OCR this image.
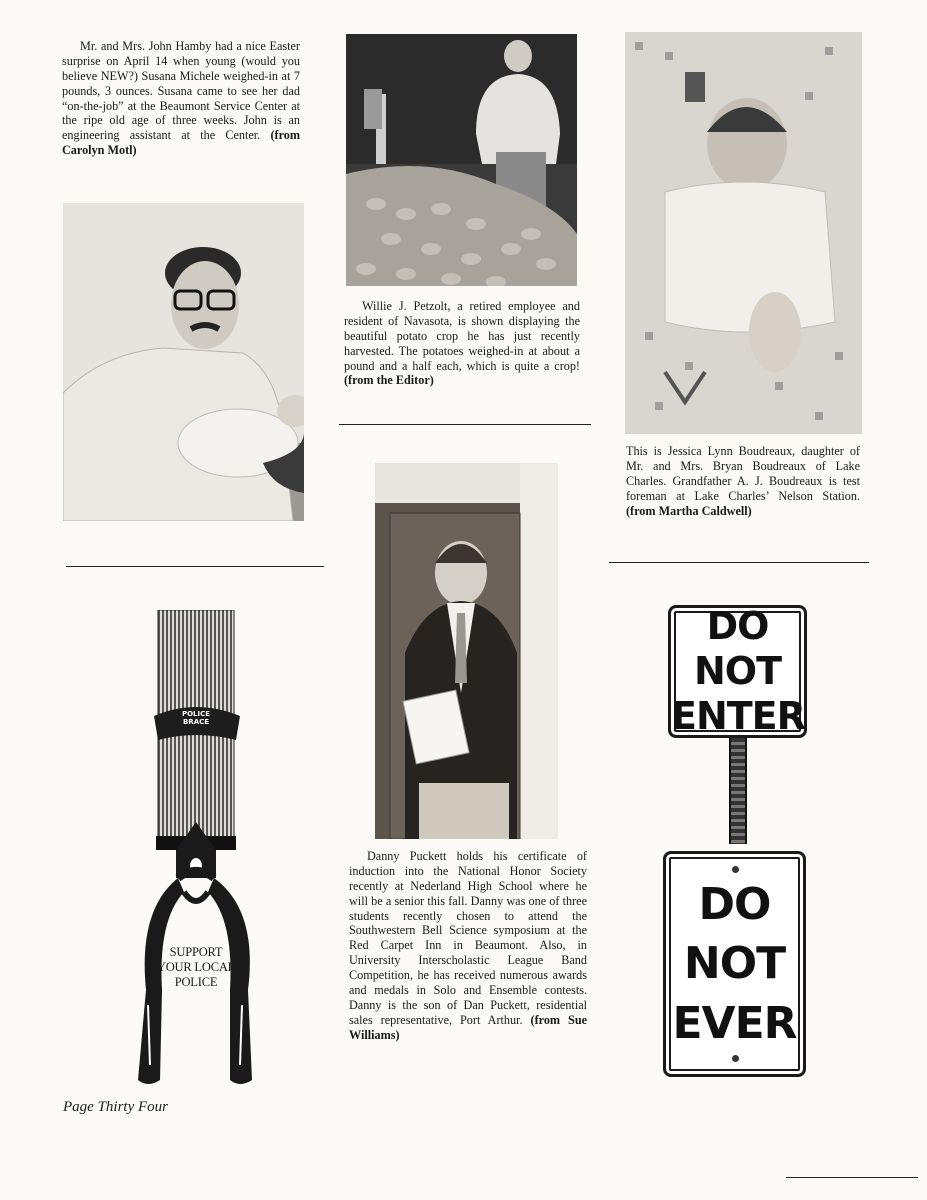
Mr. and Mrs. John Hamby had a nice Easter surprise on April 14 when young (would you believe NEW?) Susana Michele weighed-in at 7 pounds, 3 ounces. Susana came to see her dad “on-the-job” at the Beaumont Service Center at the ripe old age of three weeks. John is an engineering assistant at the Center. (from Carolyn Motl)

Willie J. Petzolt, a retired employee and resident of Navasota, is shown displaying the beautiful potato crop he has just recently harvested. The potatoes weighed-in at about a pound and a half each, which is quite a crop! (from the Editor)

This is Jessica Lynn Boudreaux, daughter of Mr. and Mrs. Bryan Boudreaux of Lake Charles. Grandfather A. J. Boudreaux is test foreman at Lake Charles’ Nelson Station. (from Martha Caldwell)

Danny Puckett holds his certificate of induction into the National Honor Society recently at Nederland High School where he will be a senior this fall. Danny was one of three students recently chosen to attend the Southwestern Bell Science symposium at the Red Carpet Inn in Beaumont. Also, in University Interscholastic League Band Competition, he has received numerous awards and medals in Solo and Ensemble contests. Danny is the son of Dan Puckett, residential sales representative, Port Arthur. (from Sue Williams)

POLICE
BRACE
SUPPORT
YOUR LOCAL
POLICE
DO NOT
ENTER
DO
NOT
EVER
Page Thirty Four
